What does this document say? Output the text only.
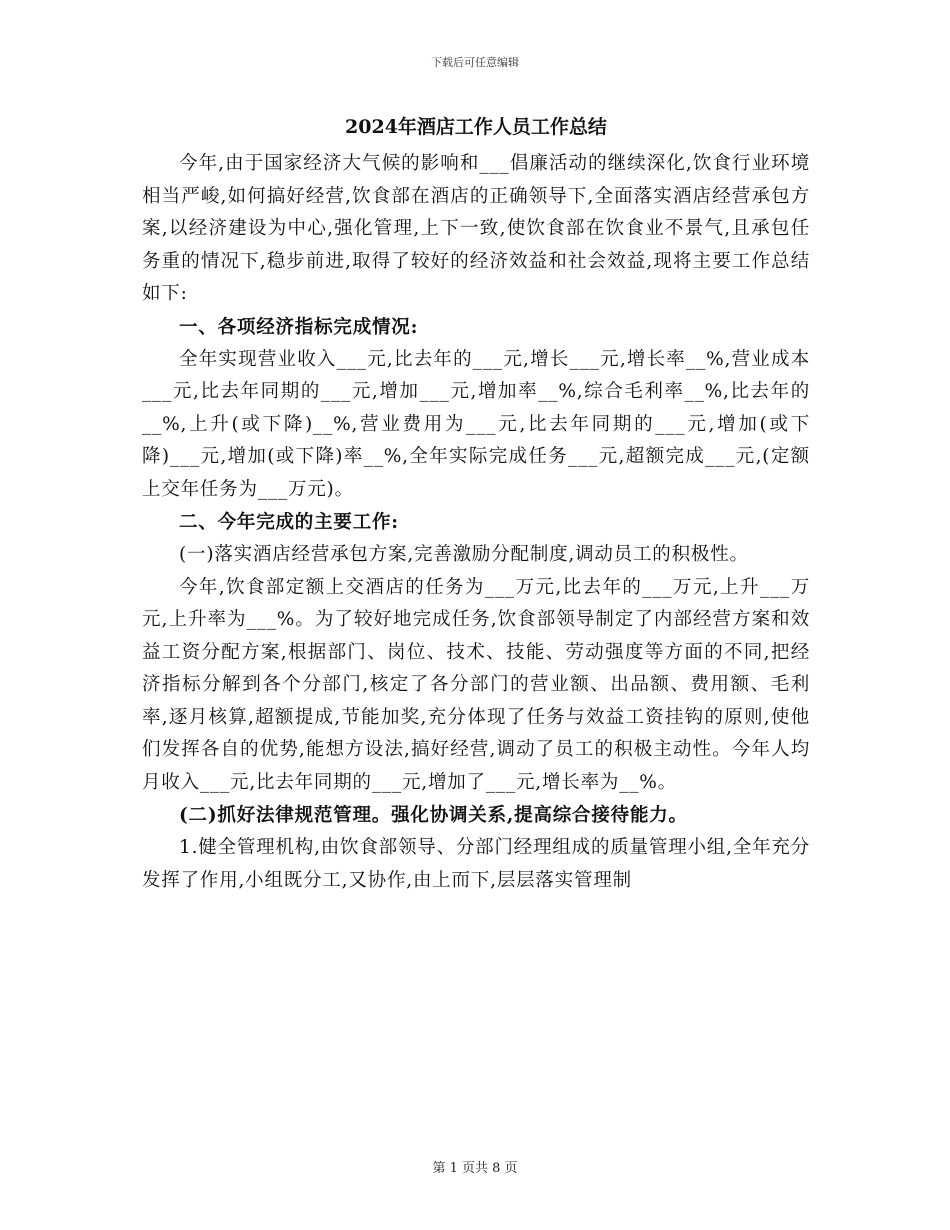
下载后可任意编辑
2024年酒店工作人员工作总结

今年,由于国家经济大气候的影响和___倡廉活动的继续深化,饮食行业环境相当严峻,如何搞好经营,饮食部在酒店的正确领导下,全面落实酒店经营承包方案,以经济建设为中心,强化管理,上下一致,使饮食部在饮食业不景气,且承包任务重的情况下,稳步前进,取得了较好的经济效益和社会效益,现将主要工作总结如下:

一、各项经济指标完成情况:

全年实现营业收入___元,比去年的___元,增长___元,增长率__%,营业成本___元,比去年同期的___元,增加___元,增加率__%,综合毛利率__%,比去年的__%,上升(或下降)__%,营业费用为___元,比去年同期的___元,增加(或下降)___元,增加(或下降)率__%,全年实际完成任务___元,超额完成___元,(定额上交年任务为___万元)。

二、今年完成的主要工作:

(一)落实酒店经营承包方案,完善激励分配制度,调动员工的积极性。

今年,饮食部定额上交酒店的任务为___万元,比去年的___万元,上升___万元,上升率为___%。为了较好地完成任务,饮食部领导制定了内部经营方案和效益工资分配方案,根据部门、岗位、技术、技能、劳动强度等方面的不同,把经济指标分解到各个分部门,核定了各分部门的营业额、出品额、费用额、毛利率,逐月核算,超额提成,节能加奖,充分体现了任务与效益工资挂钩的原则,使他们发挥各自的优势,能想方设法,搞好经营,调动了员工的积极主动性。今年人均月收入___元,比去年同期的___元,增加了___元,增长率为__%。

(二)抓好法律规范管理。强化协调关系,提高综合接待能力。

1.健全管理机构,由饮食部领导、分部门经理组成的质量管理小组,全年充分发挥了作用,小组既分工,又协作,由上而下,层层落实管理制

第 1 页共 8 页
